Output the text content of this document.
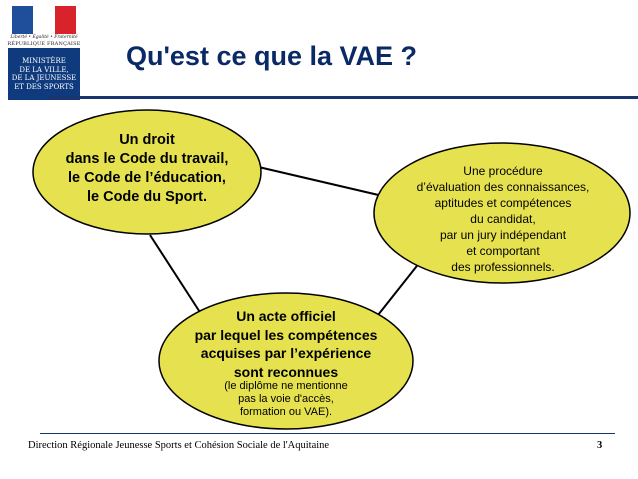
Liberté • Égalité • Fraternité
RÉPUBLIQUE FRANÇAISE
MINISTÈRE
DE LA VILLE,
DE LA JEUNESSE
ET DES SPORTS
Qu'est ce que la VAE ?
Un droit
dans le Code du travail,
le Code de l’éducation,
le Code du Sport.
Une procédure
d’évaluation des connaissances,
aptitudes et compétences
du candidat,
par un jury indépendant
et comportant
des professionnels.
Un acte officiel
par lequel les compétences
acquises par l’expérience
sont reconnues
(le diplôme ne mentionne
pas la voie d'accès,
formation ou VAE).
Direction Régionale Jeunesse Sports et Cohésion Sociale de l'Aquitaine	3
